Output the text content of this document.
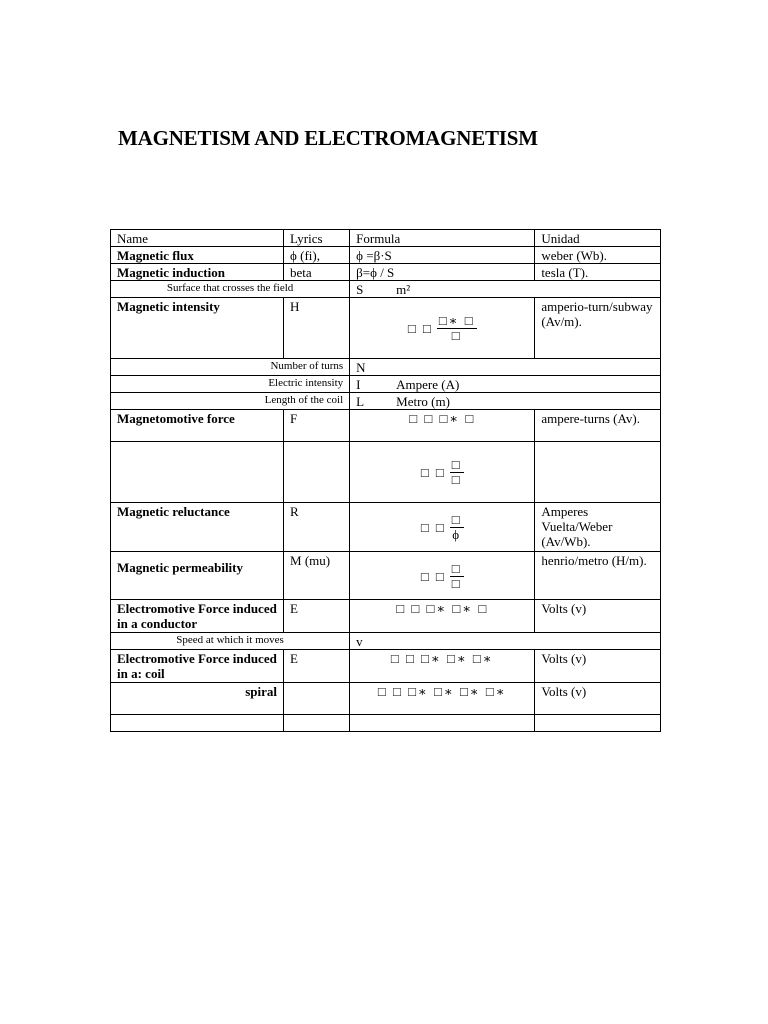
MAGNETISM AND ELECTROMAGNETISM
Name	Lyrics	Formula	Unidad
Magnetic flux	ϕ (fi),	ϕ =β·S	weber (Wb).
Magnetic induction	beta	β=ϕ / S	tesla (T).
Surface that crosses the field		S m²	

Magnetic intensity	H	□ □ $\frac{□∗ □}{□}$	amperio-turn/subway (Av/m).
Number of turns		N	
Electric intensity		I Ampere (A)	

Length of the coil		L Metro (m)	

Magnetomotive force	F	□ □ □∗ □	ampere-turns (Av).

		□ □ $\frac{□}{□}$

Magnetic reluctance	R	□ □ $\frac{□}{\phi}$	Amperes Vuelta/Weber (Av/Wb).
Magnetic permeability	M (mu)	□ □ $\frac{□}{□}$	henrio/metro (H/m).
Electromotive Force induced in a conductor	E	□ □ □∗ □∗ □	Volts (v)
Speed at which it moves		v	
Electromotive Force induced in a: coil	E	□ □ □∗ □∗ □∗	Volts (v)
spiral		□ □ □∗ □∗ □∗ □∗	Volts (v)
